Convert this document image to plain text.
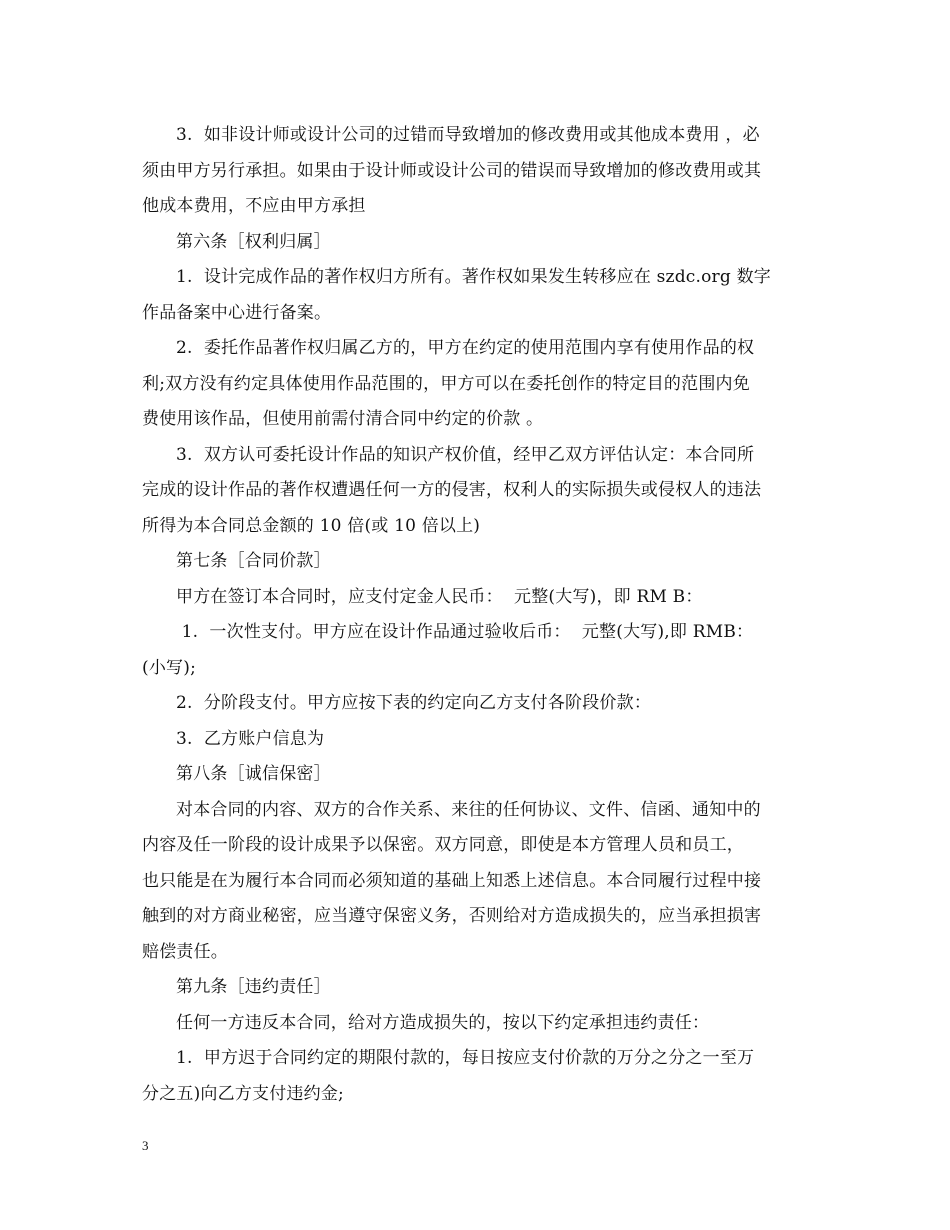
3.  如非设计师或设计公司的过错而导致增加的修改费用或其他成本费用 ，必
须由甲方另行承担。如果由于设计师或设计公司的错误而导致增加的修改费用或其
他成本费用，不应由甲方承担
第六条［权利归属］
1.  设计完成作品的著作权归方所有。著作权如果发生转移应在 szdc.org 数字
作品备案中心进行备案。
2.  委托作品著作权归属乙方的，甲方在约定的使用范围内享有使用作品的权
利;双方没有约定具体使用作品范围的，甲方可以在委托创作的特定目的范围内免
费使用该作品，但使用前需付清合同中约定的价款 。
3.  双方认可委托设计作品的知识产权价值，经甲乙双方评估认定：本合同所
完成的设计作品的著作权遭遇任何一方的侵害，权利人的实际损失或侵权人的违法
所得为本合同总金额的 10 倍(或 10 倍以上)
第七条［合同价款］
甲方在签订本合同时，应支付定金人民币：  元整(大写)，即 RM B：
1.  一次性支付。甲方应在设计作品通过验收后币：  元整(大写),即 RMB：
(小写);
2.  分阶段支付。甲方应按下表的约定向乙方支付各阶段价款：
3.  乙方账户信息为
第八条［诚信保密］
对本合同的内容、双方的合作关系、来往的任何协议、文件、信函、通知中的
内容及任一阶段的设计成果予以保密。双方同意，即使是本方管理人员和员工，
也只能是在为履行本合同而必须知道的基础上知悉上述信息。本合同履行过程中接
触到的对方商业秘密，应当遵守保密义务，否则给对方造成损失的，应当承担损害
赔偿责任。
第九条［违约责任］
任何一方违反本合同，给对方造成损失的，按以下约定承担违约责任：
1.  甲方迟于合同约定的期限付款的，每日按应支付价款的万分之分之一至万
分之五)向乙方支付违约金;
3
